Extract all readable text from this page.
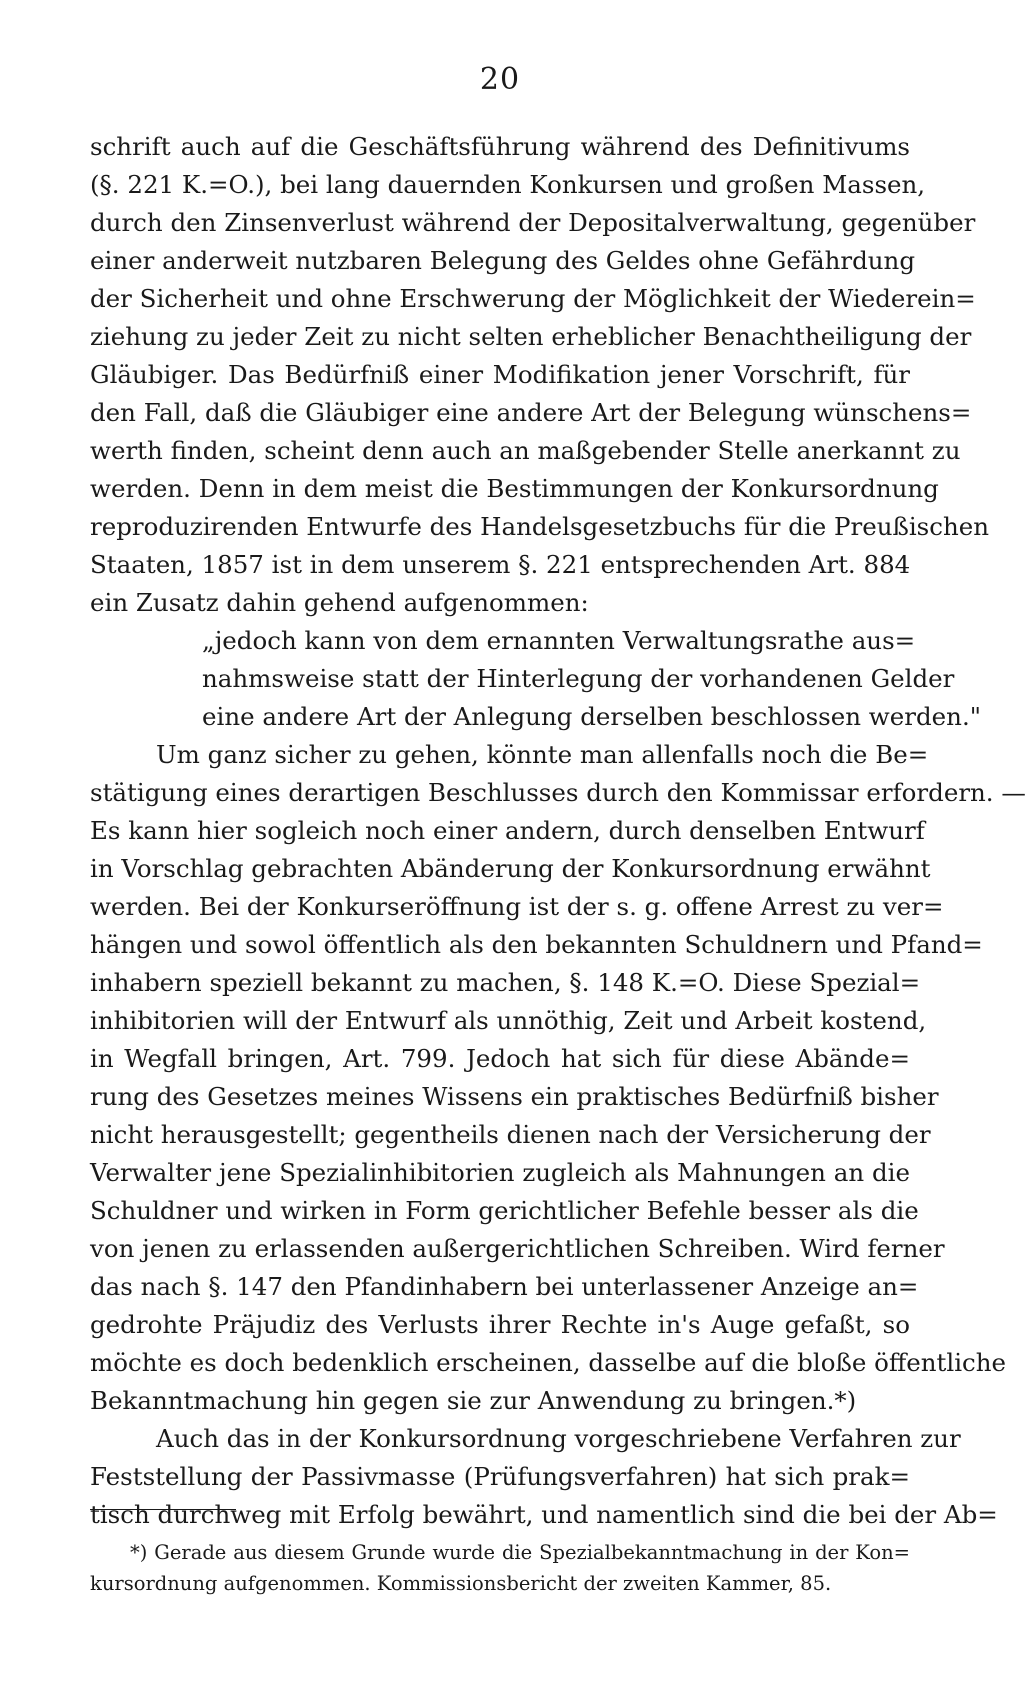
20
schrift auch auf die Geschäftsführung während des Definitivums
(§. 221 K.=O.), bei lang dauernden Konkursen und großen Massen,
durch den Zinsenverlust während der Depositalverwaltung, gegenüber
einer anderweit nutzbaren Belegung des Geldes ohne Gefährdung
der Sicherheit und ohne Erschwerung der Möglichkeit der Wiederein=
ziehung zu jeder Zeit zu nicht selten erheblicher Benachtheiligung der
Gläubiger. Das Bedürfniß einer Modifikation jener Vorschrift, für
den Fall, daß die Gläubiger eine andere Art der Belegung wünschens=
werth finden, scheint denn auch an maßgebender Stelle anerkannt zu
werden. Denn in dem meist die Bestimmungen der Konkursordnung
reproduzirenden Entwurfe des Handelsgesetzbuchs für die Preußischen
Staaten, 1857 ist in dem unserem §. 221 entsprechenden Art. 884
ein Zusatz dahin gehend aufgenommen:
„jedoch kann von dem ernannten Verwaltungsrathe aus=
nahmsweise statt der Hinterlegung der vorhandenen Gelder
eine andere Art der Anlegung derselben beschlossen werden."
Um ganz sicher zu gehen, könnte man allenfalls noch die Be=
stätigung eines derartigen Beschlusses durch den Kommissar erfordern. —
Es kann hier sogleich noch einer andern, durch denselben Entwurf
in Vorschlag gebrachten Abänderung der Konkursordnung erwähnt
werden. Bei der Konkurseröffnung ist der s. g. offene Arrest zu ver=
hängen und sowol öffentlich als den bekannten Schuldnern und Pfand=
inhabern speziell bekannt zu machen, §. 148 K.=O. Diese Spezial=
inhibitorien will der Entwurf als unnöthig, Zeit und Arbeit kostend,
in Wegfall bringen, Art. 799. Jedoch hat sich für diese Abände=
rung des Gesetzes meines Wissens ein praktisches Bedürfniß bisher
nicht herausgestellt; gegentheils dienen nach der Versicherung der
Verwalter jene Spezialinhibitorien zugleich als Mahnungen an die
Schuldner und wirken in Form gerichtlicher Befehle besser als die
von jenen zu erlassenden außergerichtlichen Schreiben. Wird ferner
das nach §. 147 den Pfandinhabern bei unterlassener Anzeige an=
gedrohte Präjudiz des Verlusts ihrer Rechte in's Auge gefaßt, so
möchte es doch bedenklich erscheinen, dasselbe auf die bloße öffentliche
Bekanntmachung hin gegen sie zur Anwendung zu bringen.*)
Auch das in der Konkursordnung vorgeschriebene Verfahren zur
Feststellung der Passivmasse (Prüfungsverfahren) hat sich prak=
tisch durchweg mit Erfolg bewährt, und namentlich sind die bei der Ab=
*) Gerade aus diesem Grunde wurde die Spezialbekanntmachung in der Kon=
kursordnung aufgenommen. Kommissionsbericht der zweiten Kammer, 85.
